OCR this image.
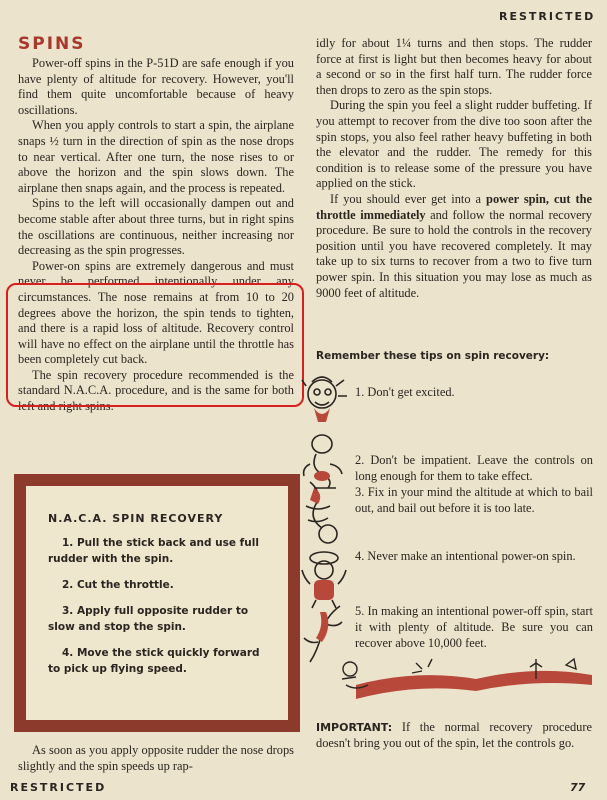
RESTRICTED
SPINS

Power-off spins in the P-51D are safe enough if you have plenty of altitude for recovery. However, you'll find them quite uncomfortable because of heavy oscillations.

When you apply controls to start a spin, the airplane snaps ½ turn in the direction of spin as the nose drops to near vertical. After one turn, the nose rises to or above the horizon and the spin slows down. The airplane then snaps again, and the process is repeated.

Spins to the left will occasionally dampen out and become stable after about three turns, but in right spins the oscillations are continuous, neither increasing nor decreasing as the spin progresses.

Power-on spins are extremely dangerous and must never be performed intentionally under any circumstances. The nose remains at from 10 to 20 degrees above the horizon, the spin tends to tighten, and there is a rapid loss of altitude. Recovery control will have no effect on the airplane until the throttle has been completely cut back.

The spin recovery procedure recommended is the standard N.A.C.A. procedure, and is the same for both left and right spins.

N.A.C.A. SPIN RECOVERY

1. Pull the stick back and use full rudder with the spin.

2. Cut the throttle.

3. Apply full opposite rudder to slow and stop the spin.

4. Move the stick quickly forward to pick up flying speed.

As soon as you apply opposite rudder the nose drops slightly and the spin speeds up rap-

idly for about 1¼ turns and then stops. The rudder force at first is light but then becomes heavy for about a second or so in the first half turn. The rudder force then drops to zero as the spin stops.

During the spin you feel a slight rudder buffeting. If you attempt to recover from the dive too soon after the spin stops, you also feel rather heavy buffeting in both the elevator and the rudder. The remedy for this condition is to release some of the pressure you have applied on the stick.

If you should ever get into a power spin, cut the throttle immediately and follow the normal recovery procedure. Be sure to hold the controls in the recovery position until you have recovered completely. It may take up to six turns to recover from a two to five turn power spin. In this situation you may lose as much as 9000 feet of altitude.

Remember these tips on spin recovery:

1. Don't get excited.

2. Don't be impatient. Leave the controls on long enough for them to take effect.

3. Fix in your mind the altitude at which to bail out, and bail out before it is too late.

4. Never make an intentional power-on spin.

5. In making an intentional power-off spin, start it with plenty of altitude. Be sure you can recover above 10,000 feet.

IMPORTANT: If the normal recovery procedure doesn't bring you out of the spin, let the controls go.

RESTRICTED	77
